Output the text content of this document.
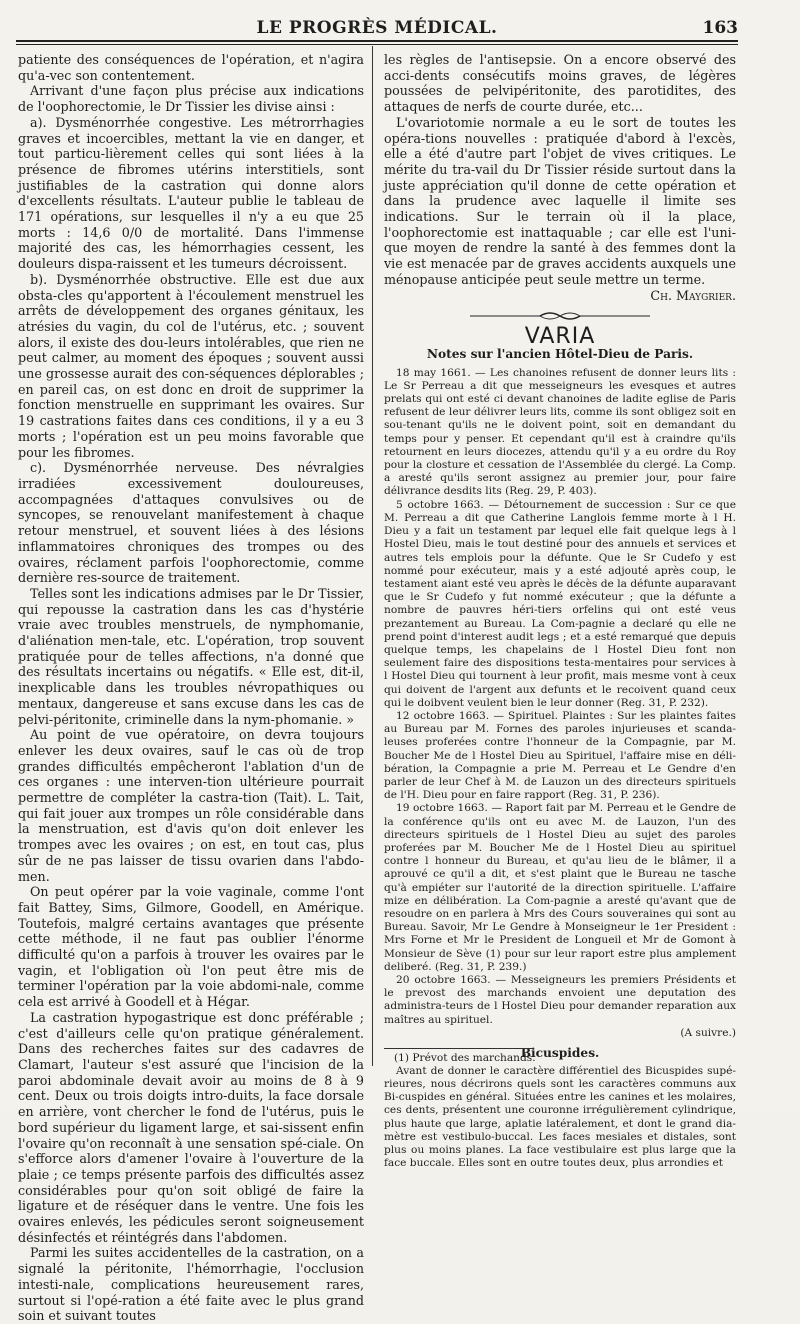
LE PROGRÈS MÉDICAL.	163

patiente des conséquences de l'opération, et n'agira qu'a-vec son contentement.

Arrivant d'une façon plus précise aux indications de l'oophorectomie, le Dr Tissier les divise ainsi :

a). Dysménorrhée congestive. Les métrorrhagies graves et incoercibles, mettant la vie en danger, et tout particu-lièrement celles qui sont liées à la présence de fibromes utérins interstitiels, sont justifiables de la castration qui donne alors d'excellents résultats. L'auteur publie le tableau de 171 opérations, sur lesquelles il n'y a eu que 25 morts : 14,6 0/0 de mortalité. Dans l'immense majorité des cas, les hémorrhagies cessent, les douleurs dispa-raissent et les tumeurs décroissent.

b). Dysménorrhée obstructive. Elle est due aux obsta-cles qu'apportent à l'écoulement menstruel les arrêts de développement des organes génitaux, les atrésies du vagin, du col de l'utérus, etc. ; souvent alors, il existe des dou-leurs intolérables, que rien ne peut calmer, au moment des époques ; souvent aussi une grossesse aurait des con-séquences déplorables ; en pareil cas, on est donc en droit de supprimer la fonction menstruelle en supprimant les ovaires. Sur 19 castrations faites dans ces conditions, il y a eu 3 morts ; l'opération est un peu moins favorable que pour les fibromes.

c). Dysménorrhée nerveuse. Des névralgies irradiées excessivement douloureuses, accompagnées d'attaques convulsives ou de syncopes, se renouvelant manifestement à chaque retour menstruel, et souvent liées à des lésions inflammatoires chroniques des trompes ou des ovaires, réclament parfois l'oophorectomie, comme dernière res-source de traitement.

Telles sont les indications admises par le Dr Tissier, qui repousse la castration dans les cas d'hystérie vraie avec troubles menstruels, de nymphomanie, d'aliénation men-tale, etc. L'opération, trop souvent pratiquée pour de telles affections, n'a donné que des résultats incertains ou négatifs. « Elle est, dit-il, inexplicable dans les troubles névropathiques ou mentaux, dangereuse et sans excuse dans les cas de pelvi-péritonite, criminelle dans la nym-phomanie. »

Au point de vue opératoire, on devra toujours enlever les deux ovaires, sauf le cas où de trop grandes difficultés empêcheront l'ablation d'un de ces organes : une interven-tion ultérieure pourrait permettre de compléter la castra-tion (Tait). L. Tait, qui fait jouer aux trompes un rôle considérable dans la menstruation, est d'avis qu'on doit enlever les trompes avec les ovaires ; on est, en tout cas, plus sûr de ne pas laisser de tissu ovarien dans l'abdo-men.

On peut opérer par la voie vaginale, comme l'ont fait Battey, Sims, Gilmore, Goodell, en Amérique. Toutefois, malgré certains avantages que présente cette méthode, il ne faut pas oublier l'énorme difficulté qu'on a parfois à trouver les ovaires par le vagin, et l'obligation où l'on peut être mis de terminer l'opération par la voie abdomi-nale, comme cela est arrivé à Goodell et à Hégar.

La castration hypogastrique est donc préférable ; c'est d'ailleurs celle qu'on pratique généralement. Dans des recherches faites sur des cadavres de Clamart, l'auteur s'est assuré que l'incision de la paroi abdominale devait avoir au moins de 8 à 9 cent. Deux ou trois doigts intro-duits, la face dorsale en arrière, vont chercher le fond de l'utérus, puis le bord supérieur du ligament large, et sai-sissent enfin l'ovaire qu'on reconnaît à une sensation spé-ciale. On s'efforce alors d'amener l'ovaire à l'ouverture de la plaie ; ce temps présente parfois des difficultés assez considérables pour qu'on soit obligé de faire la ligature et de réséquer dans le ventre. Une fois les ovaires enlevés, les pédicules seront soigneusement désinfectés et réintégrés dans l'abdomen.

Parmi les suites accidentelles de la castration, on a signalé la péritonite, l'hémorrhagie, l'occlusion intesti-nale, complications heureusement rares, surtout si l'opé-ration a été faite avec le plus grand soin et suivant toutes

les règles de l'antisepsie. On a encore observé des acci-dents consécutifs moins graves, de légères poussées de pelvipéritonite, des parotidites, des attaques de nerfs de courte durée, etc...

L'ovariotomie normale a eu le sort de toutes les opéra-tions nouvelles : pratiquée d'abord à l'excès, elle a été d'autre part l'objet de vives critiques. Le mérite du tra-vail du Dr Tissier réside surtout dans la juste appréciation qu'il donne de cette opération et dans la prudence avec laquelle il limite ses indications. Sur le terrain où il la place, l'oophorectomie est inattaquable ; car elle est l'uni-que moyen de rendre la santé à des femmes dont la vie est menacée par de graves accidents auxquels une ménopause anticipée peut seule mettre un terme.

Ch. Maygrier.
VARIA
Notes sur l'ancien Hôtel-Dieu de Paris.

18 may 1661. — Les chanoines refusent de donner leurs lits : Le Sr Perreau a dit que messeigneurs les evesques et autres prelats qui ont esté ci devant chanoines de ladite eglise de Paris refusent de leur délivrer leurs lits, comme ils sont obligez soit en sou-tenant qu'ils ne le doivent point, soit en demandant du temps pour y penser. Et cependant qu'il est à craindre qu'ils retournent en leurs diocezes, attendu qu'il y a eu ordre du Roy pour la closture et cessation de l'Assemblée du clergé. La Comp. a aresté qu'ils seront assignez au premier jour, pour faire délivrance desdits lits (Reg. 29, P. 403).

5 octobre 1663. — Détournement de succession : Sur ce que M. Perreau a dit que Catherine Langlois femme morte à l H. Dieu y a fait un testament par lequel elle fait quelque legs à l Hostel Dieu, mais le tout destiné pour des annuels et services et autres tels emplois pour la défunte. Que le Sr Cudefo y est nommé pour exécuteur, mais y a esté adjouté après coup, le testament aiant esté veu après le décès de la défunte auparavant que le Sr Cudefo y fut nommé exécuteur ; que la défunte a nombre de pauvres héri-tiers orfelins qui ont esté veus prezantement au Bureau. La Com-pagnie a declaré qu elle ne prend point d'interest audit legs ; et a esté remarqué que depuis quelque temps, les chapelains de l Hostel Dieu font non seulement faire des dispositions testa-mentaires pour services à l Hostel Dieu qui tournent à leur profit, mais mesme vont à ceux qui doivent de l'argent aux defunts et le recoivent quand ceux qui le doibvent veulent bien le leur donner (Reg. 31, P. 232).

12 octobre 1663. — Spirituel. Plaintes : Sur les plaintes faites au Bureau par M. Fornes des paroles injurieuses et scanda-leuses proferées contre l'honneur de la Compagnie, par M. Boucher Me de l Hostel Dieu au Spirituel, l'affaire mise en déli-bération, la Compagnie a prie M. Perreau et Le Gendre d'en parler de leur Chef à M. de Lauzon un des directeurs spirituels de l'H. Dieu pour en faire rapport (Reg. 31, P. 236).

19 octobre 1663. — Raport fait par M. Perreau et le Gendre de la conférence qu'ils ont eu avec M. de Lauzon, l'un des directeurs spirituels de l Hostel Dieu au sujet des paroles proferées par M. Boucher Me de l Hostel Dieu au spirituel contre l honneur du Bureau, et qu'au lieu de le blâmer, il a aprouvé ce qu'il a dit, et s'est plaint que le Bureau ne tasche qu'à empiéter sur l'autorité de la direction spirituelle. L'affaire mize en délibération. La Com-pagnie a aresté qu'avant que de resoudre on en parlera à Mrs des Cours souveraines qui sont au Bureau. Savoir, Mr Le Gendre à Monseigneur le 1er President : Mrs Forne et Mr le President de Longueil et Mr de Gomont à Monsieur de Sève (1) pour sur leur raport estre plus amplement deliberé. (Reg. 31, P. 239.)

20 octobre 1663. — Messeigneurs les premiers Présidents et le prevost des marchands envoient une deputation des administra-teurs de l Hostel Dieu pour demander reparation aux maîtres au spirituel.

(A suivre.)
Bicuspides.

Avant de donner le caractère différentiel des Bicuspides supé-rieures, nous décrirons quels sont les caractères communs aux Bi-cuspides en général. Situées entre les canines et les molaires, ces dents, présentent une couronne irrégulièrement cylindrique, plus haute que large, aplatie latéralement, et dont le grand dia-mètre est vestibulo-buccal. Les faces mesiales et distales, sont plus ou moins planes. La face vestibulaire est plus large que la face buccale. Elles sont en outre toutes deux, plus arrondies et

(1) Prévot des marchands.
